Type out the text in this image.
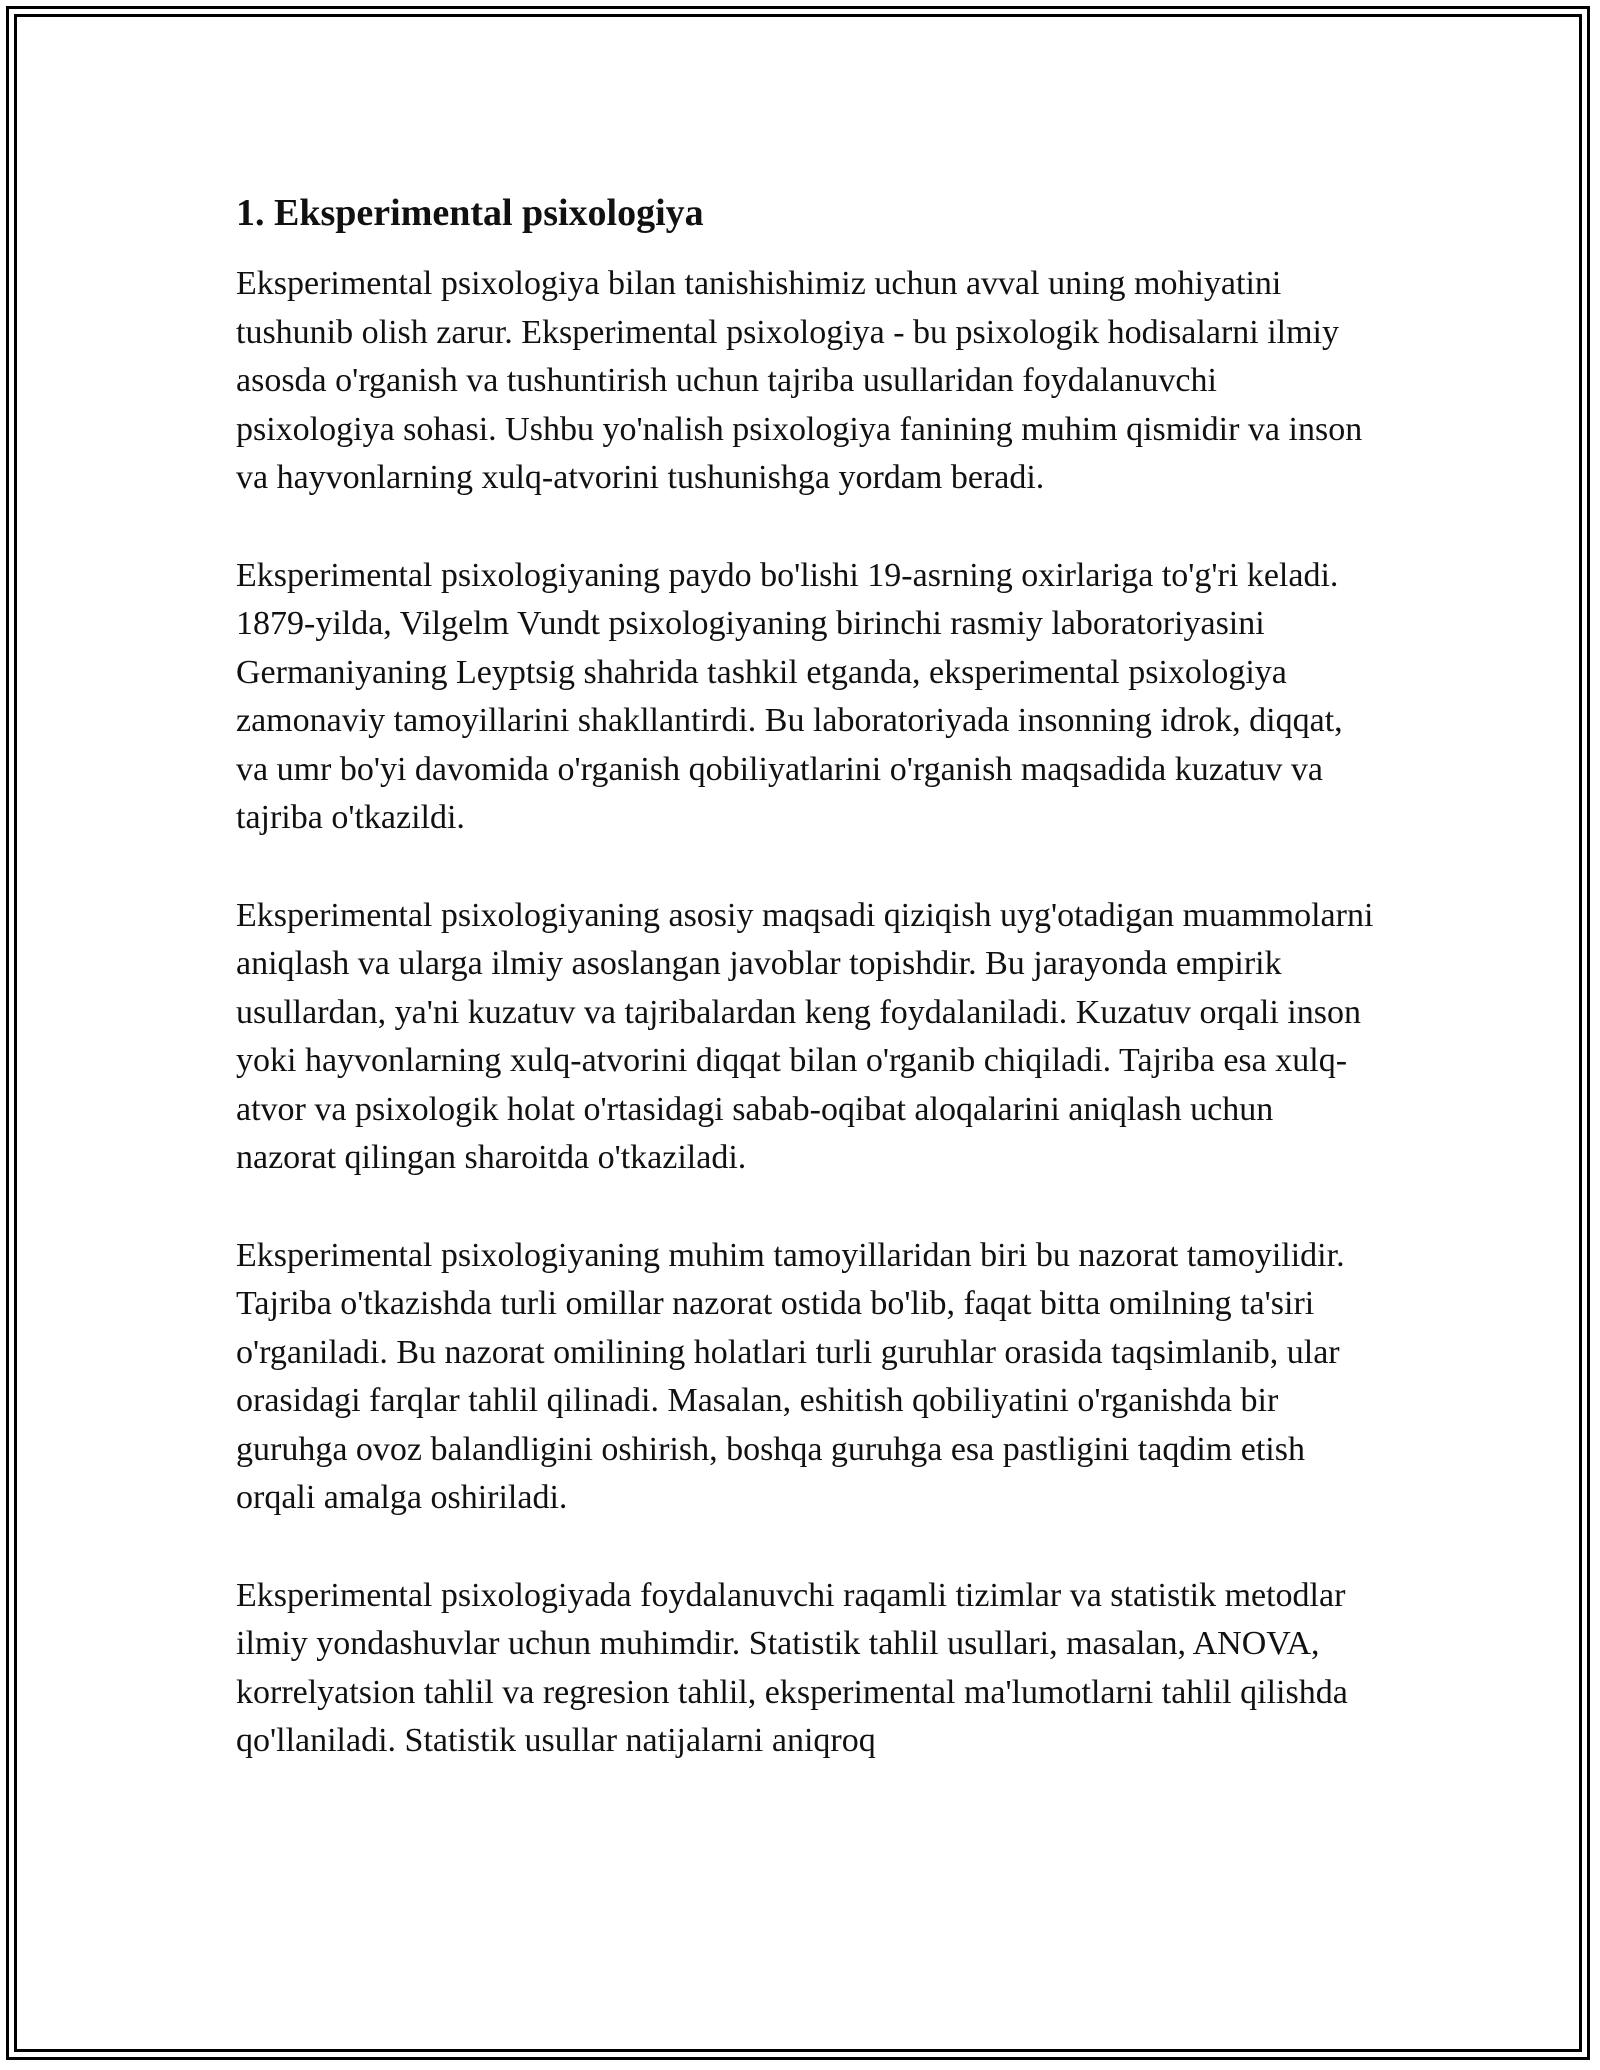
1. Eksperimental psixologiya

Eksperimental psixologiya bilan tanishishimiz uchun avval uning mohiyatini tushunib olish zarur. Eksperimental psixologiya - bu psixologik hodisalarni ilmiy asosda o'rganish va tushuntirish uchun tajriba usullaridan foydalanuvchi psixologiya sohasi. Ushbu yo'nalish psixologiya fanining muhim qismidir va inson va hayvonlarning xulq-atvorini tushunishga yordam beradi.

Eksperimental psixologiyaning paydo bo'lishi 19-asrning oxirlariga to'g'ri keladi. 1879-yilda, Vilgelm Vundt psixologiyaning birinchi rasmiy laboratoriyasini Germaniyaning Leyptsig shahrida tashkil etganda, eksperimental psixologiya zamonaviy tamoyillarini shakllantirdi. Bu laboratoriyada insonning idrok, diqqat, va umr bo'yi davomida o'rganish qobiliyatlarini o'rganish maqsadida kuzatuv va tajriba o'tkazildi.

Eksperimental psixologiyaning asosiy maqsadi qiziqish uyg'otadigan muammolarni aniqlash va ularga ilmiy asoslangan javoblar topishdir. Bu jarayonda empirik usullardan, ya'ni kuzatuv va tajribalardan keng foydalaniladi. Kuzatuv orqali inson yoki hayvonlarning xulq-atvorini diqqat bilan o'rganib chiqiladi. Tajriba esa xulq-atvor va psixologik holat o'rtasidagi sabab-oqibat aloqalarini aniqlash uchun nazorat qilingan sharoitda o'tkaziladi.

Eksperimental psixologiyaning muhim tamoyillaridan biri bu nazorat tamoyilidir. Tajriba o'tkazishda turli omillar nazorat ostida bo'lib, faqat bitta omilning ta'siri o'rganiladi. Bu nazorat omilining holatlari turli guruhlar orasida taqsimlanib, ular orasidagi farqlar tahlil qilinadi. Masalan, eshitish qobiliyatini o'rganishda bir guruhga ovoz balandligini oshirish, boshqa guruhga esa pastligini taqdim etish orqali amalga oshiriladi.

Eksperimental psixologiyada foydalanuvchi raqamli tizimlar va statistik metodlar ilmiy yondashuvlar uchun muhimdir. Statistik tahlil usullari, masalan, ANOVA, korrelyatsion tahlil va regresion tahlil, eksperimental ma'lumotlarni tahlil qilishda qo'llaniladi. Statistik usullar natijalarni aniqroq
